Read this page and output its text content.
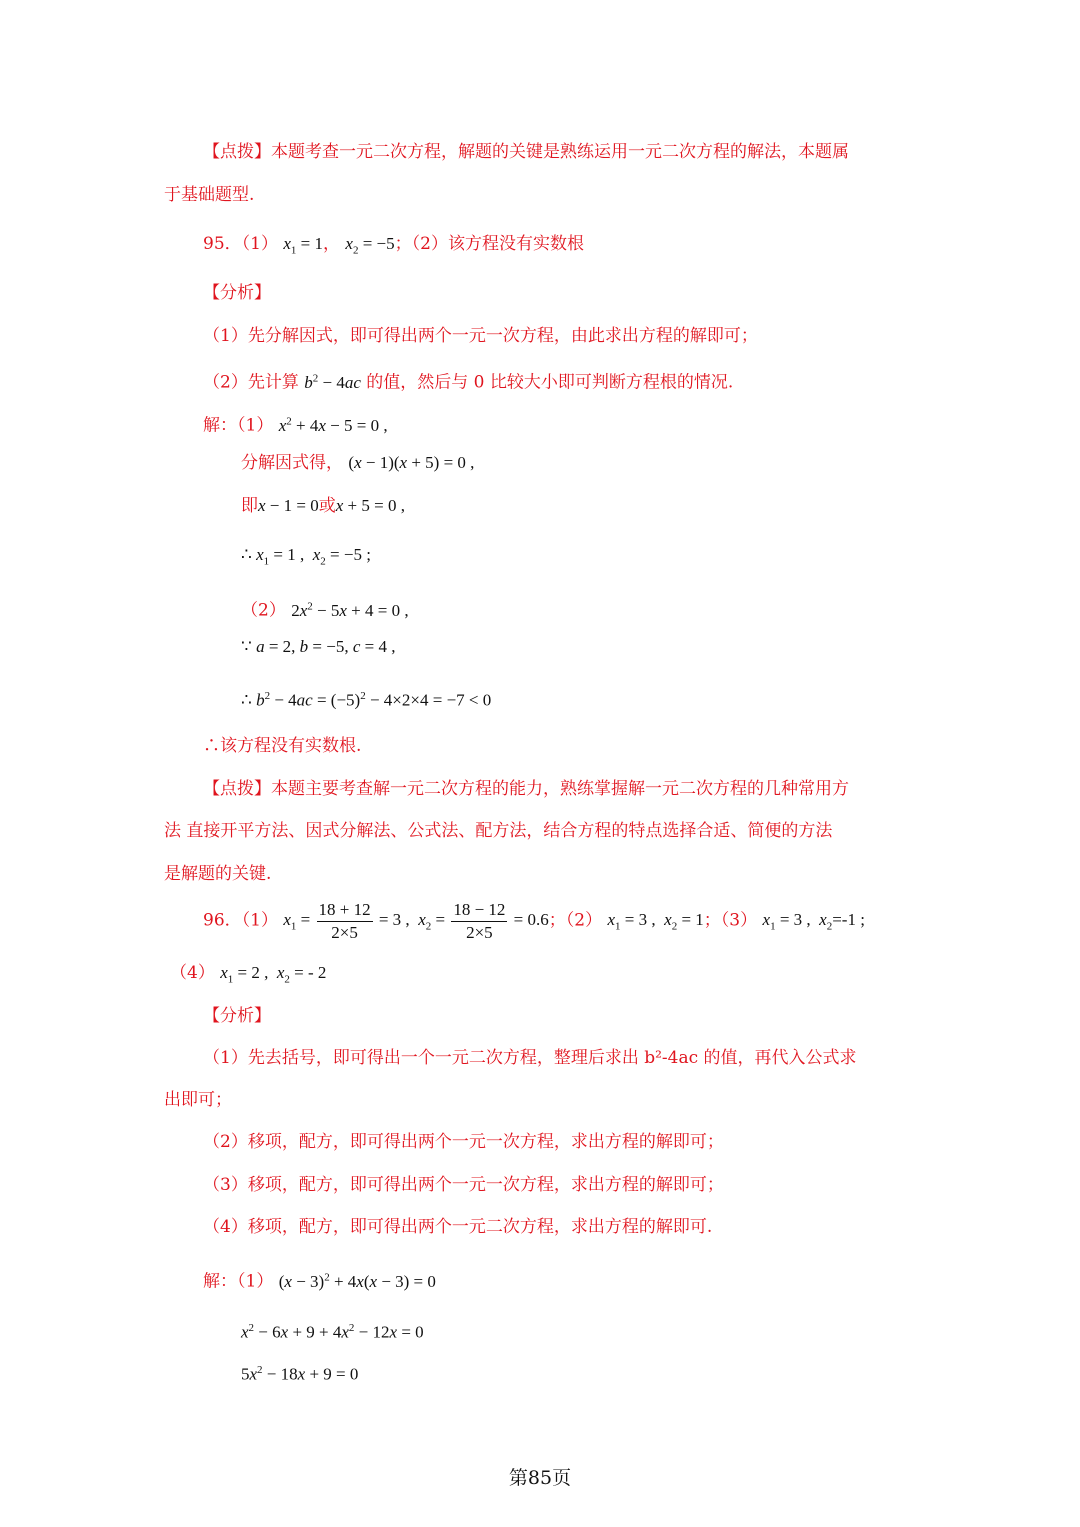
【点拨】本题考查一元二次方程，解题的关键是熟练运用一元二次方程的解法，本题属
于基础题型.
95．（1） $x_1 = 1$， $x_2 = -5$；（2）该方程没有实数根
【分析】
（1）先分解因式，即可得出两个一元一次方程，由此求出方程的解即可；
（2）先计算 $b^2 - 4ac$ 的值，然后与 0 比较大小即可判断方程根的情况.
解：（1） $x^2 + 4x - 5 = 0$ ,
分解因式得， (x − 1)(x + 5) = 0 ,
即x − 1 = 0或x + 5 = 0 ,
∴ $x_1 = 1$ ,  $x_2 = -5$ ;
（2） $2x^2 - 5x + 4 = 0$ ,
∵ a = 2, b = −5, c = 4 ,
∴ $b^2 - 4ac = (-5)^2 - 4\times 2\times 4 = -7 < 0$
∴该方程没有实数根.
【点拨】本题主要考查解一元二次方程的能力，熟练掌握解一元二次方程的几种常用方
法 直接开平方法、因式分解法、公式法、配方法，结合方程的特点选择合适、简便的方法
是解题的关键.
96．（1） $x_1 = \frac{18 + 12}{2\times 5} = 3$ ,  $x_2 = \frac{18 - 12}{2\times 5} = 0.6$；（2） $x_1 = 3$ ,  $x_2 = 1$；（3） $x_1 = 3$ ,  $x_2=-1$ ;
（4） $x_1 = 2$ ,  $x_2$ = - 2
【分析】
（1）先去括号，即可得出一个一元二次方程，整理后求出 b²-4ac 的值，再代入公式求
出即可；
（2）移项，配方，即可得出两个一元一次方程，求出方程的解即可；
（3）移项，配方，即可得出两个一元一次方程，求出方程的解即可；
（4）移项，配方，即可得出两个一元二次方程，求出方程的解即可.
解：（1） $(x - 3)^2 + 4x(x - 3) = 0$
$x^2 - 6x + 9 + 4x^2 - 12x = 0$
$5x^2 - 18x + 9 = 0$
第85页
